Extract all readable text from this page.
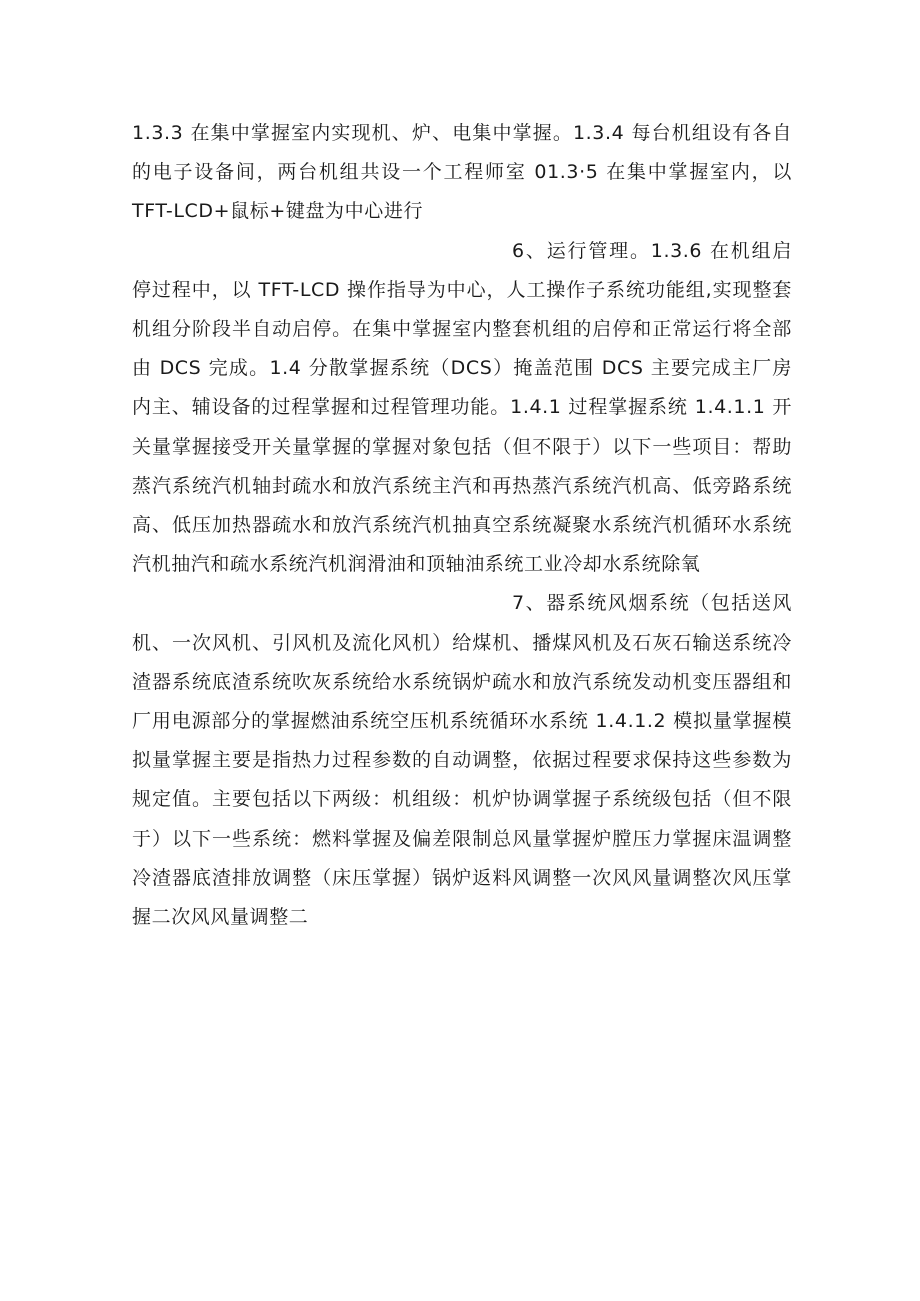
1.3.3 在集中掌握室内实现机、炉、电集中掌握。1.3.4 每台机组设有各自的电子设备间，两台机组共设一个工程师室 01.3·5 在集中掌握室内，以 TFT-LCD+鼠标+键盘为中心进行

6、运行管理。1.3.6 在机组启停过程中，以 TFT-LCD 操作指导为中心，人工操作子系统功能组,实现整套机组分阶段半自动启停。在集中掌握室内整套机组的启停和正常运行将全部由 DCS 完成。1.4 分散掌握系统（DCS）掩盖范围 DCS 主要完成主厂房内主、辅设备的过程掌握和过程管理功能。1.4.1 过程掌握系统 1.4.1.1 开关量掌握接受开关量掌握的掌握对象包括（但不限于）以下一些项目：帮助蒸汽系统汽机轴封疏水和放汽系统主汽和再热蒸汽系统汽机高、低旁路系统高、低压加热器疏水和放汽系统汽机抽真空系统凝聚水系统汽机循环水系统汽机抽汽和疏水系统汽机润滑油和顶轴油系统工业冷却水系统除氧

7、器系统风烟系统（包括送风机、一次风机、引风机及流化风机）给煤机、播煤风机及石灰石输送系统冷渣器系统底渣系统吹灰系统给水系统锅炉疏水和放汽系统发动机变压器组和厂用电源部分的掌握燃油系统空压机系统循环水系统 1.4.1.2 模拟量掌握模拟量掌握主要是指热力过程参数的自动调整，依据过程要求保持这些参数为规定值。主要包括以下两级：机组级：机炉协调掌握子系统级包括（但不限于）以下一些系统：燃料掌握及偏差限制总风量掌握炉膛压力掌握床温调整冷渣器底渣排放调整（床压掌握）锅炉返料风调整一次风风量调整次风压掌握二次风风量调整二
